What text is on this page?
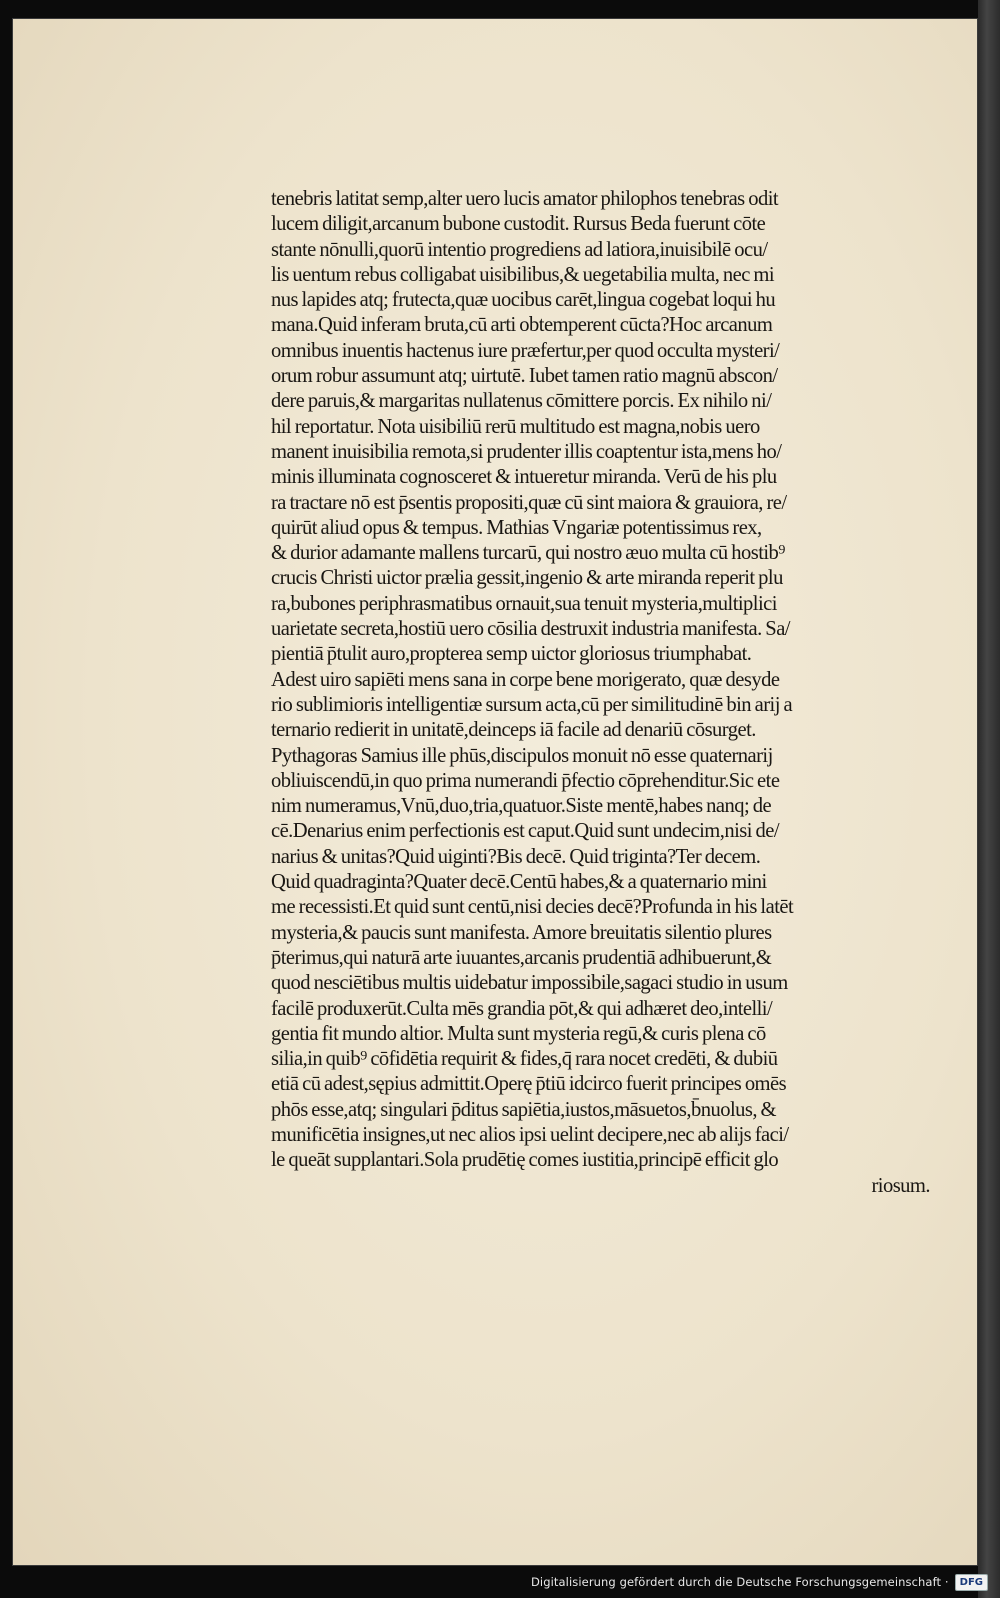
tenebris latitat semp,alter uero lucis amator philophos tenebras odit
lucem diligit,arcanum bubone custodit. Rursus Beda fuerunt cōte
stante nōnulli,quorū intentio progrediens ad latiora,inuisibilē ocu/
lis uentum rebus colligabat uisibilibus,& uegetabilia multa, nec mi
nus lapides atq; frutecta,quæ uocibus carēt,lingua cogebat loqui hu
mana.Quid inferam bruta,cū arti obtemperent cūcta?Hoc arcanum
omnibus inuentis hactenus iure præfertur,per quod occulta mysteri/
orum robur assumunt atq; uirtutē. Iubet tamen ratio magnū abscon/
dere paruis,& margaritas nullatenus cōmittere porcis. Ex nihilo ni/
hil reportatur. Nota uisibiliū rerū multitudo est magna,nobis uero
manent inuisibilia remota,si prudenter illis coaptentur ista,mens ho/
minis illuminata cognosceret & intueretur miranda. Verū de his plu
ra tractare nō est p̄sentis propositi,quæ cū sint maiora & grauiora, re/
quirūt aliud opus & tempus. Mathias Vngariæ potentissimus rex,
& durior adamante mallens turcarū, qui nostro æuo multa cū hostib⁹
crucis Christi uictor prælia gessit,ingenio & arte miranda reperit plu
ra,bubones periphrasmatibus ornauit,sua tenuit mysteria,multiplici
uarietate secreta,hostiū uero cōsilia destruxit industria manifesta. Sa/
pientiā p̄tulit auro,propterea semp uictor gloriosus triumphabat.
Adest uiro sapiēti mens sana in corpe bene morigerato, quæ desyde
rio sublimioris intelligentiæ sursum acta,cū per similitudinē bin arij a
ternario redierit in unitatē,deinceps iā facile ad denariū cōsurget.
Pythagoras Samius ille phūs,discipulos monuit nō esse quaternarij
obliuiscendū,in quo prima numerandi p̄fectio cōprehenditur.Sic ete
nim numeramus,Vnū,duo,tria,quatuor.Siste mentē,habes nanq; de
cē.Denarius enim perfectionis est caput.Quid sunt undecim,nisi de/
narius & unitas?Quid uiginti?Bis decē. Quid triginta?Ter decem.
Quid quadraginta?Quater decē.Centū habes,& a quaternario mini
me recessisti.Et quid sunt centū,nisi decies decē?Profunda in his latēt
mysteria,& paucis sunt manifesta. Amore breuitatis silentio plures
p̄terimus,qui naturā arte iuuantes,arcanis prudentiā adhibuerunt,&
quod nesciētibus multis uidebatur impossibile,sagaci studio in usum
facilē produxerūt.Culta mēs grandia pōt,& qui adhæret deo,intelli/
gentia fit mundo altior. Multa sunt mysteria regū,& curis plena cō
silia,in quib⁹ cōfidētia requirit & fides,q̄ rara nocet credēti, & dubiū
etiā cū adest,sępius admittit.Operę p̄tiū idcirco fuerit principes omēs
phōs esse,atq; singulari p̄ditus sapiētia,iustos,māsuetos,b̄nuolus, &
munificētia insignes,ut nec alios ipsi uelint decipere,nec ab alijs faci/
le queāt supplantari.Sola prudētię comes iustitia,principē efficit glo
riosum.
Digitalisierung gefördert durch die Deutsche Forschungsgemeinschaft ·	DFG
